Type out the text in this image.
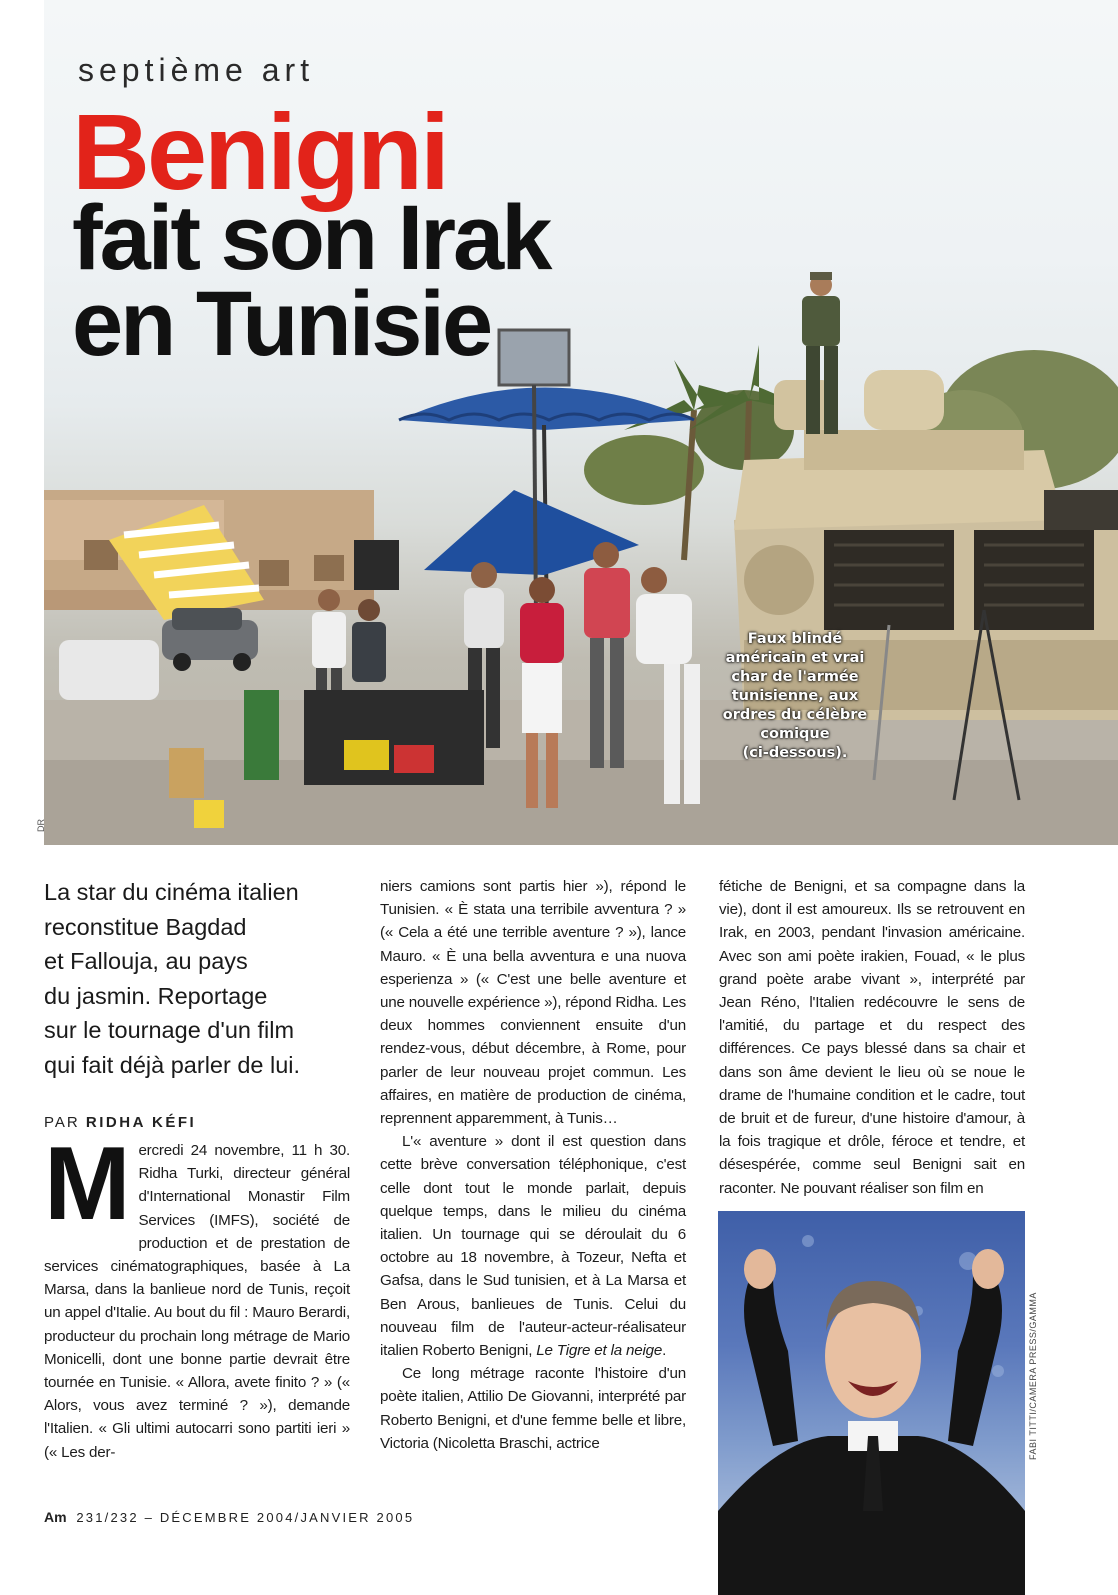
septième art
Benigni
fait son Irak
en Tunisie
Faux blindé
américain et vrai
char de l'armée
tunisienne, aux
ordres du célèbre
comique
(ci-dessous).
DR
La star du cinéma italien
reconstitue Bagdad
et Fallouja, au pays
du jasmin. Reportage
sur le tournage d'un film
qui fait déjà parler de lui.
PAR RIDHA KÉFI
M ercredi 24 novembre, 11 h 30. Ridha Turki, directeur général d'International Monastir Film Services (IMFS), société de production et de prestation de services cinématographiques, basée à La Marsa, dans la banlieue nord de Tunis, reçoit un appel d'Italie. Au bout du fil : Mauro Berardi, producteur du prochain long métrage de Mario Monicelli, dont une bonne partie devrait être tournée en Tunisie. « Allora, avete finito ? » (« Alors, vous avez terminé ? »), demande l'Italien. « Gli ultimi autocarri sono partiti ieri » (« Les der-

niers camions sont partis hier »), répond le Tunisien. « È stata una terribile avventura ? » (« Cela a été une terrible aventure ? »), lance Mauro. « È una bella avventura e una nuova esperienza » (« C'est une belle aventure et une nouvelle expérience »), répond Ridha. Les deux hommes conviennent ensuite d'un rendez-vous, début décembre, à Rome, pour parler de leur nouveau projet commun. Les affaires, en matière de production de cinéma, reprennent apparemment, à Tunis…

L'« aventure » dont il est question dans cette brève conversation téléphonique, c'est celle dont tout le monde parlait, depuis quelque temps, dans le milieu du cinéma italien. Un tournage qui se déroulait du 6 octobre au 18 novembre, à Tozeur, Nefta et Gafsa, dans le Sud tunisien, et à La Marsa et Ben Arous, banlieues de Tunis. Celui du nouveau film de l'auteur-acteur-réalisateur italien Roberto Benigni, Le Tigre et la neige.

Ce long métrage raconte l'histoire d'un poète italien, Attilio De Giovanni, interprété par Roberto Benigni, et d'une femme belle et libre, Victoria (Nicoletta Braschi, actrice

fétiche de Benigni, et sa compagne dans la vie), dont il est amoureux. Ils se retrouvent en Irak, en 2003, pendant l'invasion américaine. Avec son ami poète irakien, Fouad, « le plus grand poète arabe vivant », interprété par Jean Réno, l'Italien redécouvre le sens de l'amitié, du partage et du respect des différences. Ce pays blessé dans sa chair et dans son âme devient le lieu où se noue le drame de l'humaine condition et le cadre, tout de bruit et de fureur, d'une histoire d'amour, à la fois tragique et drôle, féroce et tendre, et désespérée, comme seul Benigni sait en raconter. Ne pouvant réaliser son film en

FABI TITTI/CAMERA PRESS/GAMMA
Am 231/232 – DÉCEMBRE 2004/JANVIER 2005
